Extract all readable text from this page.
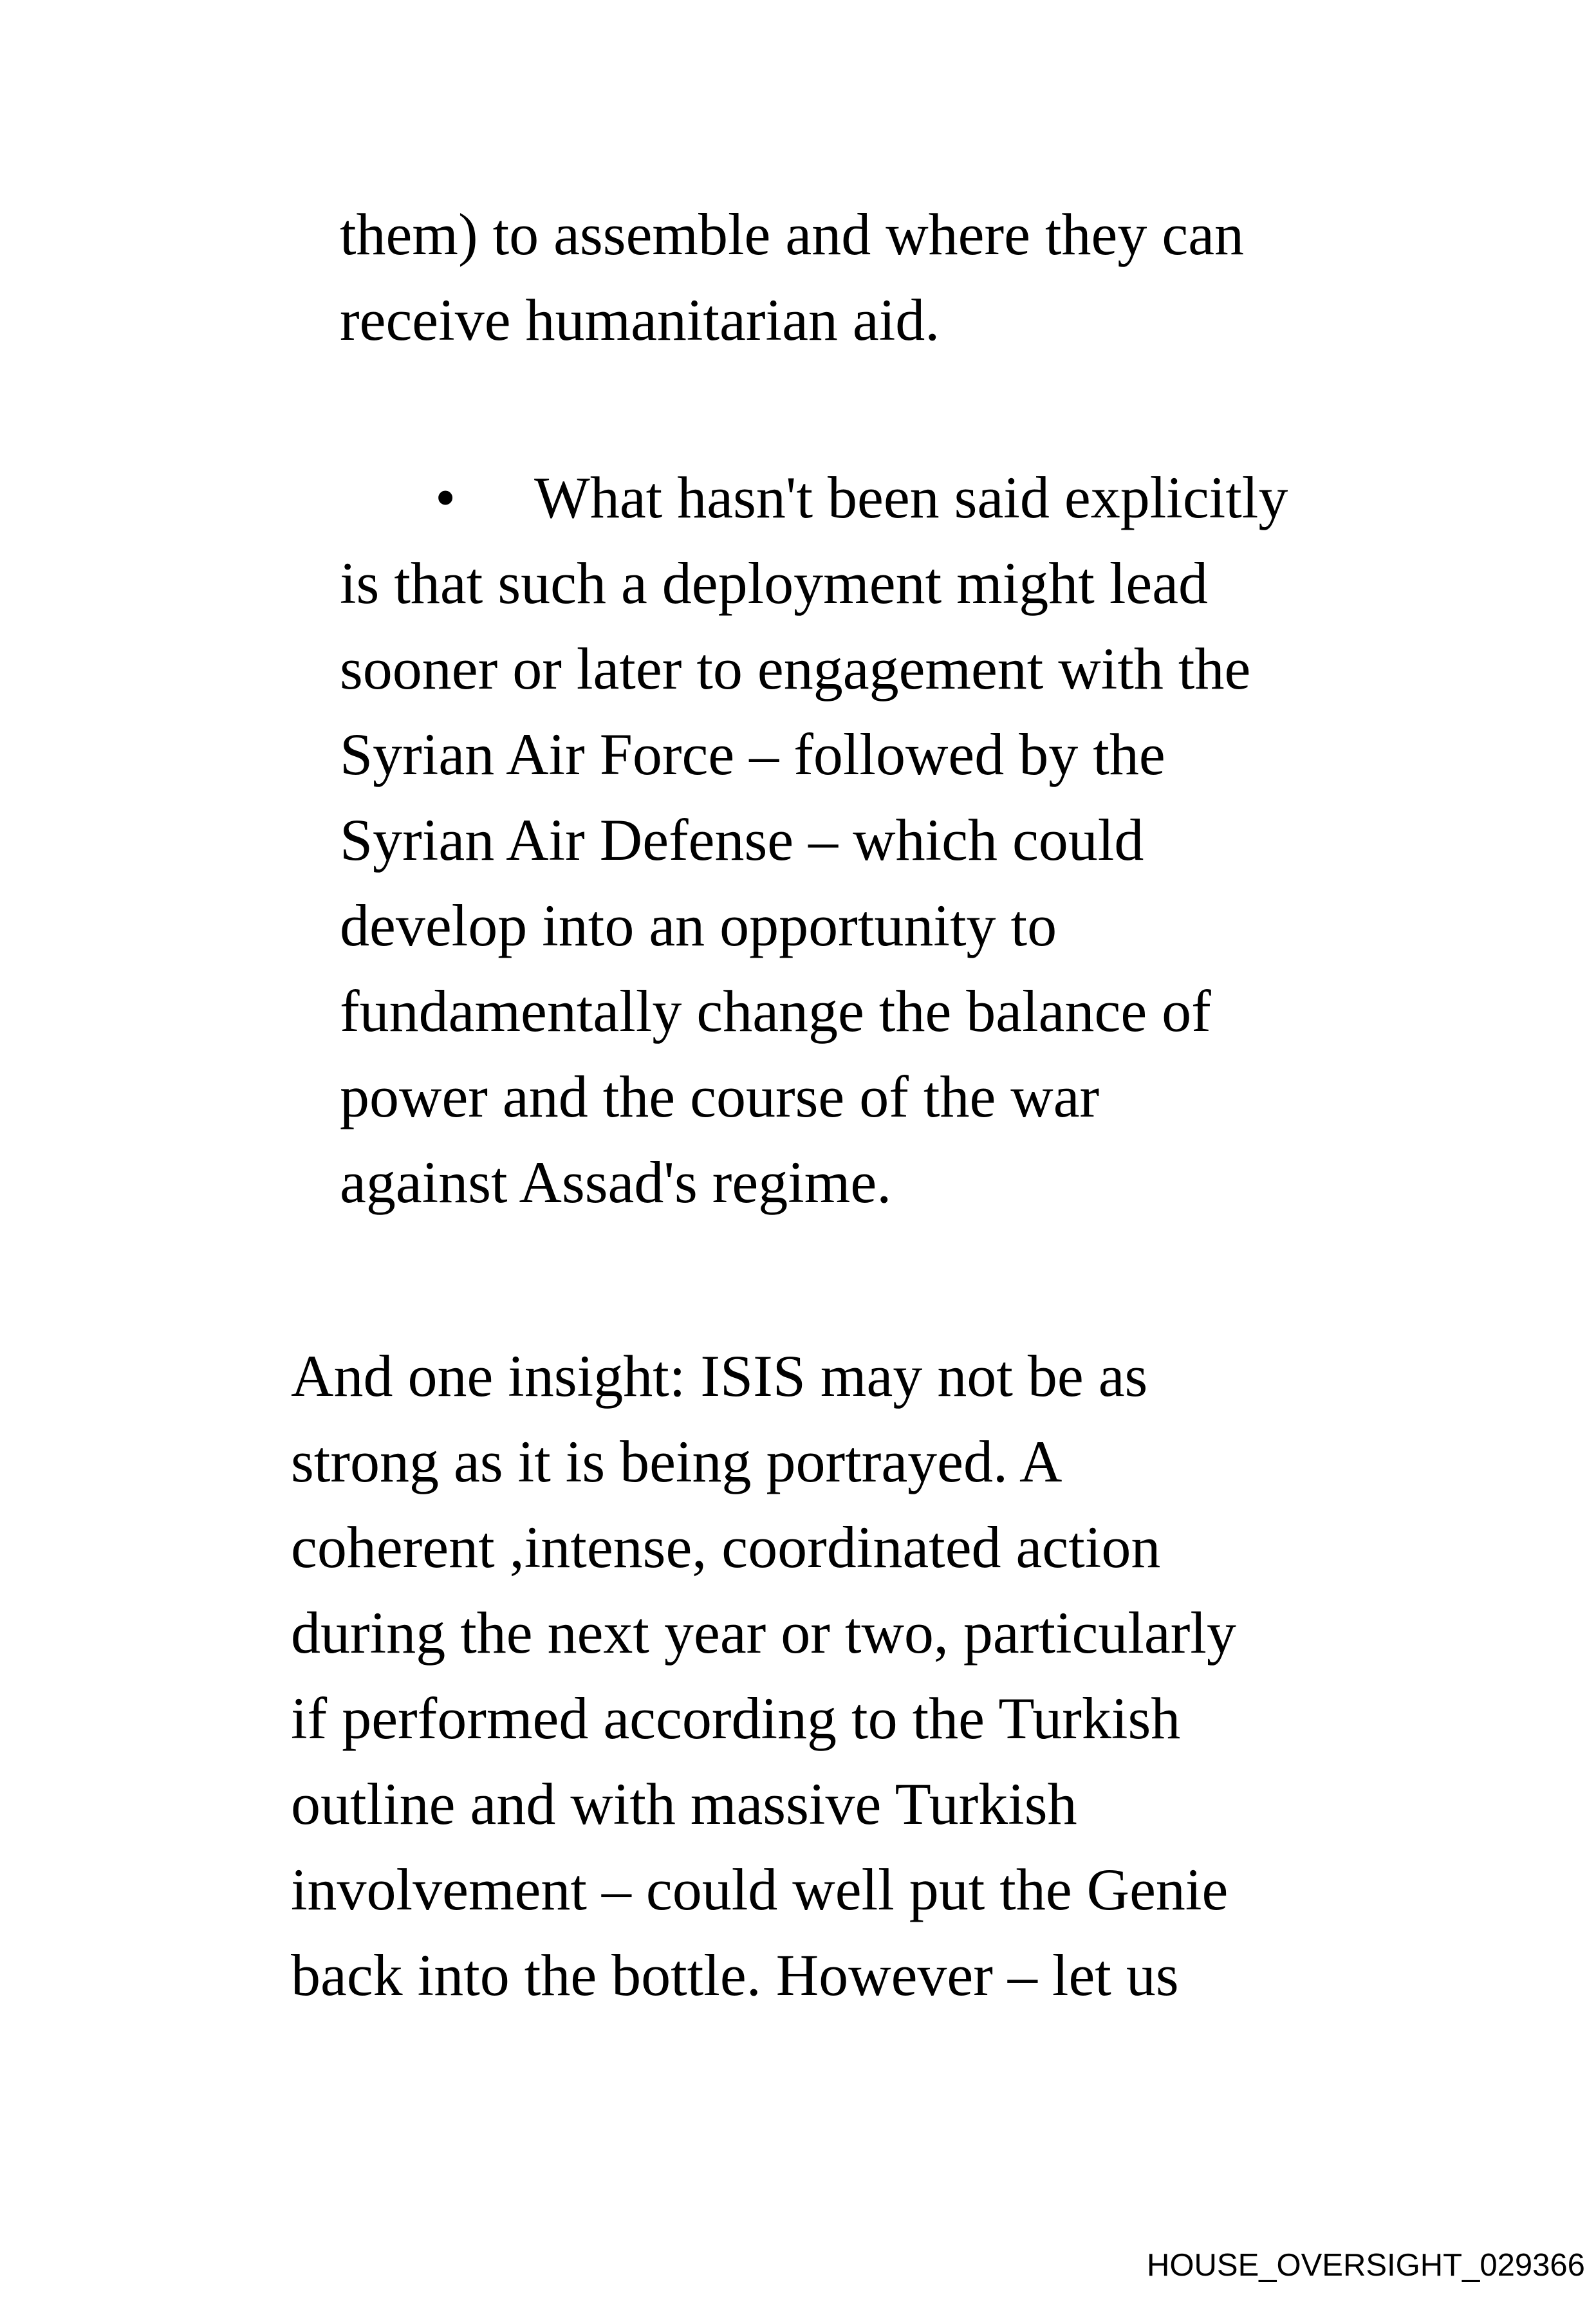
them) to assemble and where they can

receive humanitarian aid.

• What hasn't been said explicitly

is that such a deployment might lead

sooner or later to engagement with the

Syrian Air Force – followed by the

Syrian Air Defense – which could

develop into an opportunity to

fundamentally change the balance of

power and the course of the war

against Assad's regime.

And one insight: ISIS may not be as

strong as it is being portrayed. A

coherent ,intense, coordinated action

during the next year or two, particularly

if performed according to the Turkish

outline and with massive Turkish

involvement – could well put the Genie

back into the bottle. However – let us

HOUSE_OVERSIGHT_029366
